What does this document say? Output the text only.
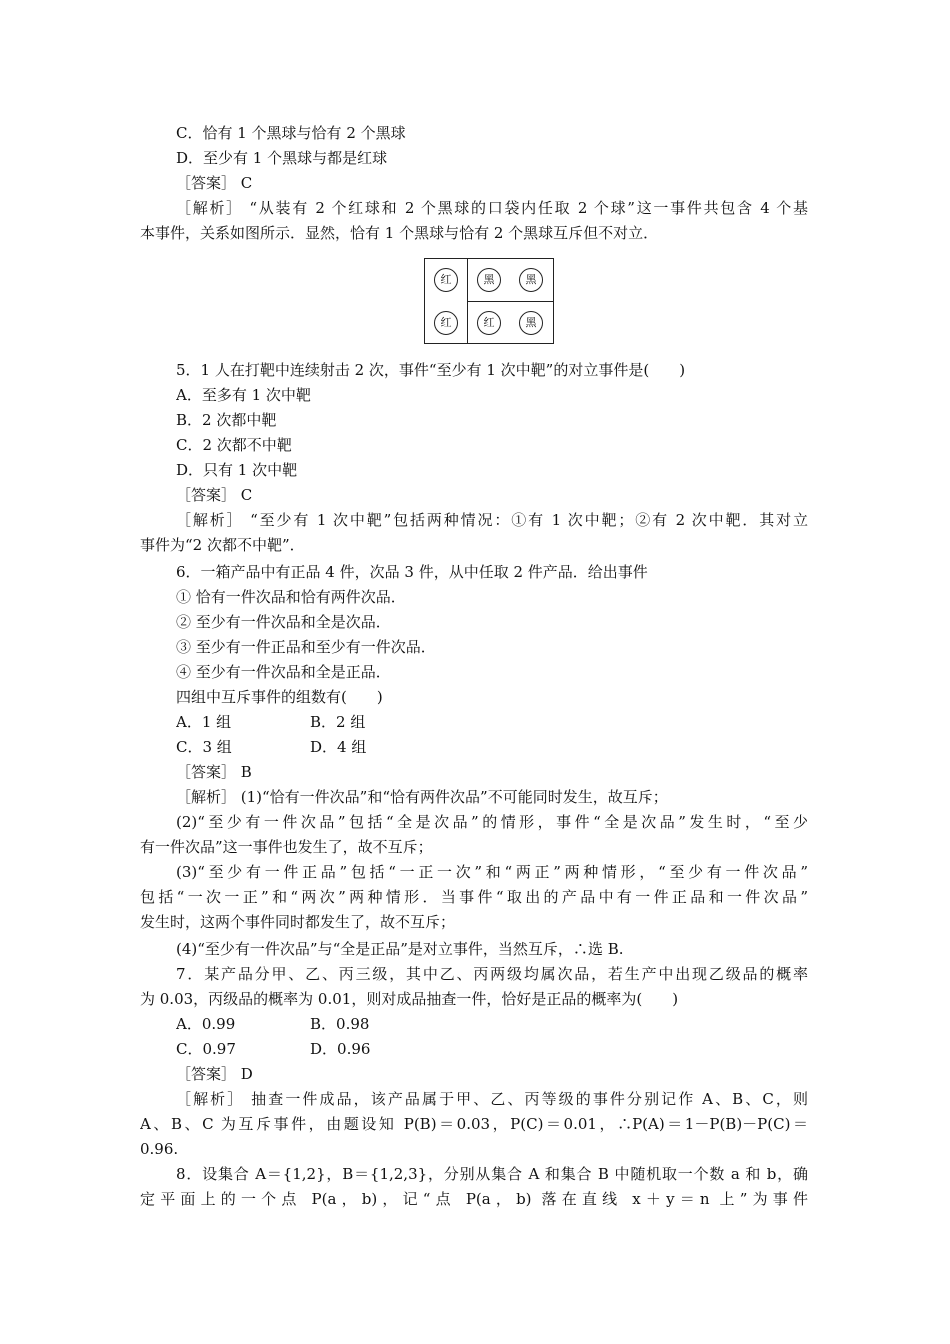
C．恰有 1 个黑球与恰有 2 个黑球
D．至少有 1 个黑球与都是红球
［答案］ C
［解析］ “从装有 2 个红球和 2 个黑球的口袋内任取 2 个球”这一事件共包含 4 个基
本事件，关系如图所示．显然，恰有 1 个黑球与恰有 2 个黑球互斥但不对立．
红	黑	黑
红	红	黑
5．1 人在打靶中连续射击 2 次，事件“至少有 1 次中靶”的对立事件是(　　)
A．至多有 1 次中靶
B．2 次都中靶
C．2 次都不中靶
D．只有 1 次中靶
［答案］ C
［解析］ “至少有 1 次中靶”包括两种情况：①有 1 次中靶；②有 2 次中靶．其对立
事件为“2 次都不中靶”．
6．一箱产品中有正品 4 件，次品 3 件，从中任取 2 件产品．给出事件
① 恰有一件次品和恰有两件次品．
② 至少有一件次品和全是次品．
③ 至少有一件正品和至少有一件次品．
④ 至少有一件次品和全是正品．
四组中互斥事件的组数有(　　)
A．1 组	B．2 组
C．3 组	D．4 组
［答案］ B
［解析］ (1)“恰有一件次品”和“恰有两件次品”不可能同时发生，故互斥；
(2)“至少有一件次品”包括“全是次品”的情形，事件“全是次品”发生时，“至少
有一件次品”这一事件也发生了，故不互斥；
(3)“至少有一件正品”包括“一正一次”和“两正”两种情形，“至少有一件次品”
包括“一次一正”和“两次”两种情形．当事件“取出的产品中有一件正品和一件次品”
发生时，这两个事件同时都发生了，故不互斥；
(4)“至少有一件次品”与“全是正品”是对立事件，当然互斥，∴选 B.
7．某产品分甲、乙、丙三级，其中乙、丙两级均属次品，若生产中出现乙级品的概率
为 0.03，丙级品的概率为 0.01，则对成品抽查一件，恰好是正品的概率为(　　)
A．0.99	B．0.98
C．0.97	D．0.96
［答案］ D
［解析］ 抽查一件成品，该产品属于甲、乙、丙等级的事件分别记作 A、B、C，则
A、B、C 为互斥事件，由题设知 P(B)＝0.03，P(C)＝0.01，∴P(A)＝1－P(B)－P(C)＝
0.96.
8．设集合 A＝{1,2}，B＝{1,2,3}，分别从集合 A 和集合 B 中随机取一个数 a 和 b，确
定平面上的一个点 P(a，b)，记“点 P(a，b) 落在直线 x＋y＝n 上”为事件
